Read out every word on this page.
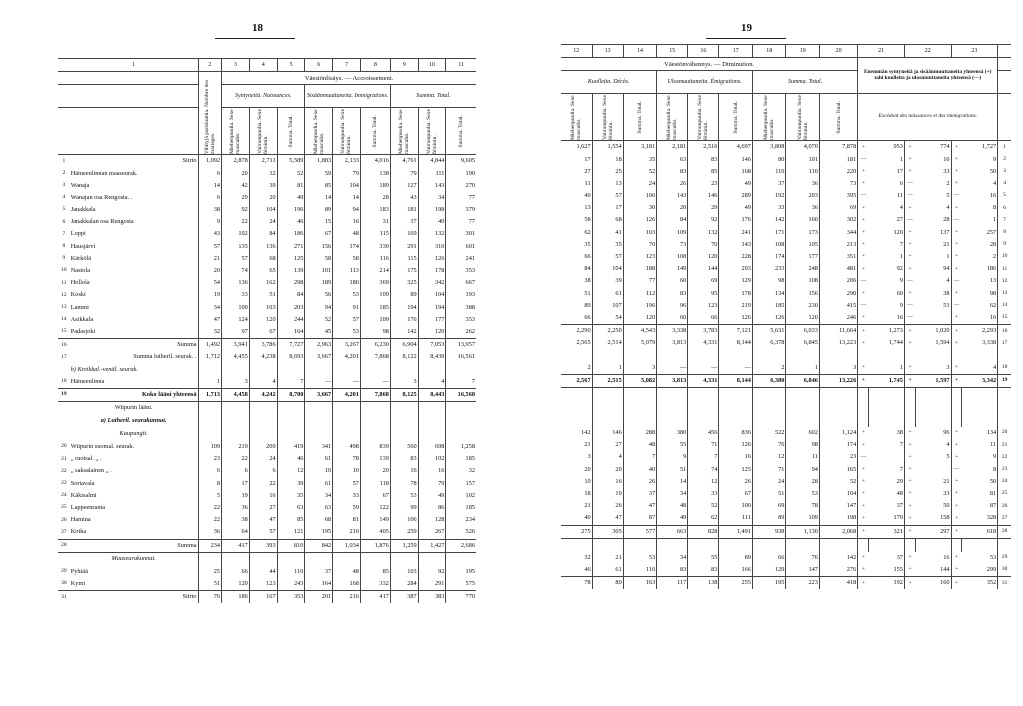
18
	1	2	3	4	5	6	7	8	9	10	11

		Vihityjä pariskuntia. Nombre des mariages.	Väestönlisäys. — Accroissement.								
			Syntyneitä. Naissances.			Sisäänmuuttaneita. Immigrations.			Summa. Total.		

			Miehenpuolia. Sexe masculin.	Vaimonpuolia. Sexe féminin.	Summa. Total.	Miehenpuolia. Sexe masculin.	Vaimonpuolia. Sexe féminin.	Summa. Total.	Miehenpuolia. Sexe masculin.	Vaimonpuolia. Sexe féminin.	Summa. Total.

1	Siirto	1,092	2,878	2,711	5,589	1,883	2,133	4,016	4,761	4,844	9,605
2	Hämeenlinnan maaseurak.	6	20	32	52	59	79	138	79	111	190
3	Wanaja	14	42	39	81	85	104	189	127	143	270
4	Wanajan osa Rengosta. .	6	29	20	49	14	14	28	43	34	77
5	Janakkala	38	92	104	196	89	94	183	181	198	379
6	Janakkalan osa Rengosta	9	22	24	46	15	16	31	37	40	77
7	Loppi	43	102	84	186	67	48	115	169	132	301
8	Hausjärvi	57	135	136	271	156	174	330	291	310	601
9	Kärkölä	21	57	68	125	58	58	116	115	126	241
10	Nastola	20	74	65	139	101	113	214	175	178	353
11	Hollola	54	136	162	298	189	180	369	325	342	667
12	Koski	19	33	51	84	56	53	109	89	104	193
13	Lammi	34	100	103	203	94	91	185	194	194	388
14	Asikkala	47	124	120	244	52	57	109	176	177	353
15	Padasjoki	32	97	67	164	45	53	98	142	120	262
16	Summa	1,492	3,941	3,786	7,727	2,963	3,267	6,230	6,904	7,053	13,957
17	Summa lutheril. seurak. .	1,712	4,455	4,238	8,693	3,667	4,201	7,868	8,122	8,439	16,561
	b) Kreikkal.-venäl. seurak.										
18	Hämeenlinna	1	3	4	7	—	—	—	3	4	7
19	Koko lääni yhteensä	1,713	4,458	4,242	8,700	3,667	4,201	7,868	8,125	8,443	16,568
	Wiipurin lääni.										
	a) Lutheril. seurakunnat.										
	Kaupungit.										
20	Wiipurin suomal. seurak.	109	219	200	419	341	498	839	560	698	1,258
21	„ ruotsal. „ .	23	22	24	46	61	78	139	83	102	185
22	„ saksalainen „ .	6	6	6	12	10	10	20	16	16	32
23	Sortavala	8	17	22	39	61	57	118	78	79	157
24	Käkisalmi	5	19	16	35	34	33	67	53	49	102
25	Lappeenranta	22	36	27	63	63	59	122	99	86	185
26	Hamina	22	38	47	85	68	81	149	106	128	234
27	Kotka	36	64	57	121	195	210	405	259	267	526
28	Summa	234	417	393	810	842	1,034	1,876	1,259	1,427	2,686
	Maaseurakunnat.										
29	Pyhtää	25	66	44	110	37	48	85	103	92	195
30	Kymi	51	120	123	243	164	168	332	284	291	575
31	Siirto	76	186	167	353	201	216	417	387	383	770
19
12	13	14	15	16	17	18	19	20	21		22		23		
Väestönvähennys. — Diminution.									Enemmän syntyneitä ja sisäänmuuttaneita yhteensä (+) tahi kuolleita ja ulosmuuttaneita yhteensä (—)						
Kuolleita. Décès.			Ulosmuuttaneita. Émigrations.			Summa. Total.									

Miehenpuolia. Sexe masculin.	Vaimonpuolia. Sexe féminin.	Summa. Total.	Miehenpuolia. Sexe masculin.	Vaimonpuolia. Sexe féminin.	Summa. Total.	Miehenpuolia. Sexe masculin.	Vaimonpuolia. Sexe féminin.	Summa. Total.	Excédant des naissances et des immigrations.						
1,627	1,554	3,181	2,181	2,516	4,697	3,808	4,070	7,878	+	953	+	774	+	1,727	1
17	18	35	63	83	146	80	101	181	—	1	+	10	+	9	2
27	25	52	83	85	168	110	110	220	+	17	+	33	+	50	3
11	13	24	26	23	49	37	36	73	+	6	—	2	+	4	4
49	57	106	143	146	289	192	203	395	—	11	—	5	—	16	5
13	17	30	20	29	49	33	36	69	+	4	+	4	+	8	6
58	68	126	84	92	176	142	160	302	+	27	—	28	—	1	7
62	41	103	109	132	241	171	173	344	+	120	+	137	+	257	8
35	35	70	73	70	143	108	105	213	+	7	+	21	+	28	9
66	57	123	108	120	228	174	177	351	+	1	+	1	+	2	10
84	104	188	149	144	293	233	248	481	+	92	+	94	+	186	11
38	39	77	60	69	129	98	108	206	—	9	—	4	—	13	12
51	61	112	83	95	178	134	156	290	+	60	+	38	+	98	13
89	107	196	96	123	219	185	230	415	—	9	—	53	—	62	14
66	54	120	60	66	126	126	120	246	+	16	—		+	16	15
2,290	2,250	4,543	3,338	3,783	7,121	5,631	6,033	11,664	+	1,273	+	1,020	+	2,293	16
2,565	2,514	5,079	3,813	4,331	8,144	6,378	6,845	13,223	+	1,744	+	1,594	+	3,338	17

2	1	3	—	—	—	2	1	3	+	1	+	3	+	4	18
2,567	2,515	5,082	3,813	4,331	8,144	6,380	6,846	13,226	+	1,745	+	1,597	+	3,342	19

142	146	288	380	456	836	522	602	1,124	+	38	+	96	+	134	20
21	27	48	55	71	126	76	98	174	+	7	+	4	+	11	21
3	4	7	9	7	16	12	11	23	—		+	5	+	9	22
20	20	40	51	74	125	71	94	165	+	7	+		—	8	23
10	16	26	14	12	26	24	28	52	+	29	+	21	+	50	24
18	19	37	34	33	67	51	53	104	+	48	+	33	+	81	25
21	26	47	48	52	100	69	78	147	+	37	+	50	+	87	26
40	47	87	49	62	111	89	109	198	+	170	+	158	+	328	27
275	305	577	663	828	1,491	938	1,130	2,068	+	321	+	297	+	618	28

32	21	53	34	55	89	66	76	142	+	37	+	16	+	53	29
46	61	110	83	83	166	129	147	276	+	155	+	144	+	299	30
78	80	163	117	138	255	195	223	418	+	192	+	160	+	352	31
